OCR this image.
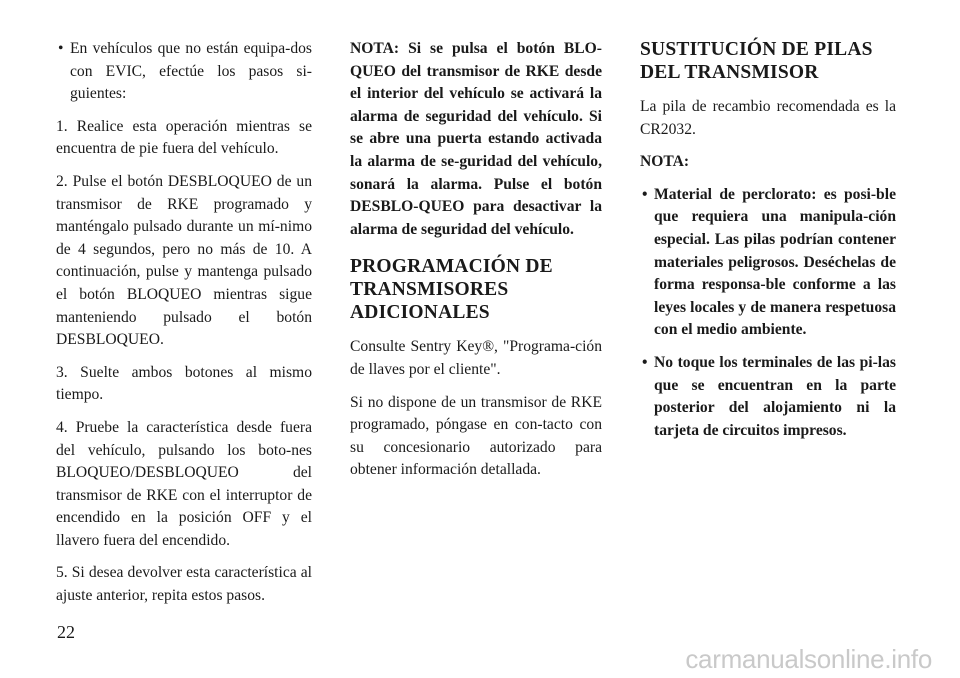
• En vehículos que no están equipa-dos con EVIC, efectúe los pasos si-guientes:

1. Realice esta operación mientras se encuentra de pie fuera del vehículo.

2. Pulse el botón DESBLOQUEO de un transmisor de RKE programado y manténgalo pulsado durante un mí-nimo de 4 segundos, pero no más de 10. A continuación, pulse y mantenga pulsado el botón BLOQUEO mientras sigue manteniendo pulsado el botón DESBLOQUEO.

3. Suelte ambos botones al mismo tiempo.

4. Pruebe la característica desde fuera del vehículo, pulsando los boto-nes BLOQUEO/DESBLOQUEO del transmisor de RKE con el interruptor de encendido en la posición OFF y el llavero fuera del encendido.

5. Si desea devolver esta característica al ajuste anterior, repita estos pasos.

NOTA: Si se pulsa el botón BLO-QUEO del transmisor de RKE desde el interior del vehículo se activará la alarma de seguridad del vehículo. Si se abre una puerta estando activada la alarma de se-guridad del vehículo, sonará la alarma. Pulse el botón DESBLO-QUEO para desactivar la alarma de seguridad del vehículo.

PROGRAMACIÓN DE TRANSMISORES ADICIONALES

Consulte Sentry Key®, "Programa-ción de llaves por el cliente".

Si no dispone de un transmisor de RKE programado, póngase en con-tacto con su concesionario autorizado para obtener información detallada.

SUSTITUCIÓN DE PILAS DEL TRANSMISOR

La pila de recambio recomendada es la CR2032.

NOTA:

• Material de perclorato: es posi-ble que requiera una manipula-ción especial. Las pilas podrían contener materiales peligrosos. Deséchelas de forma responsa-ble conforme a las leyes locales y de manera respetuosa con el medio ambiente.
• No toque los terminales de las pi-las que se encuentran en la parte posterior del alojamiento ni la tarjeta de circuitos impresos.
22
carmanualsonline.info
